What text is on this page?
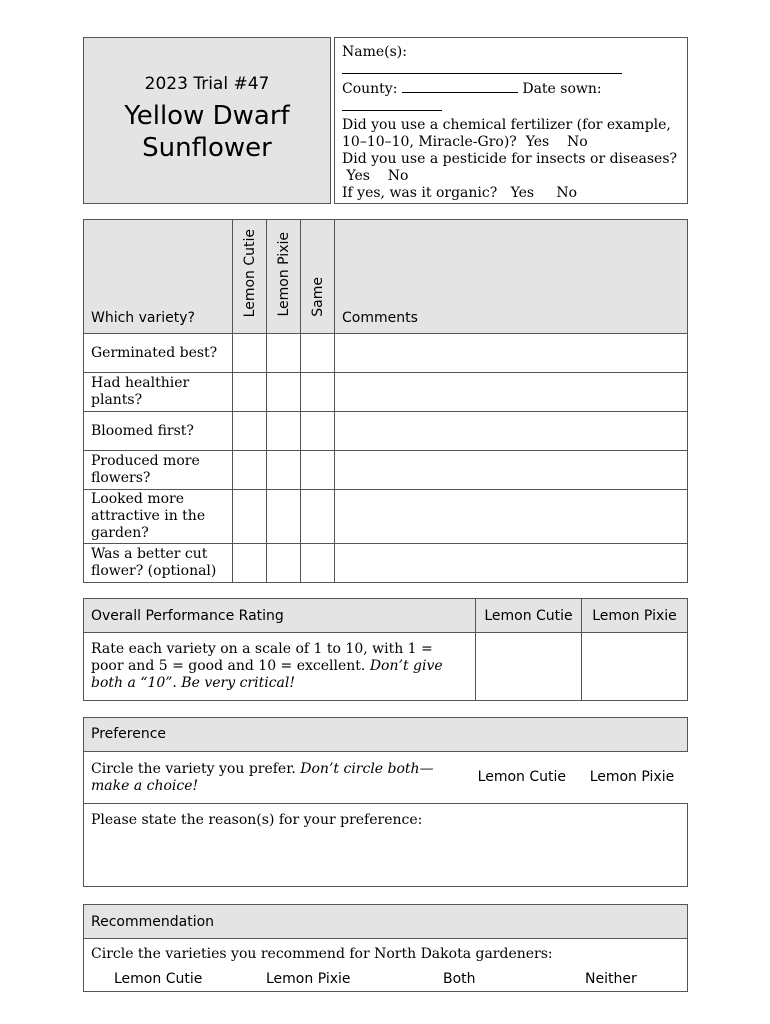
2023 Trial #47
Yellow Dwarf
Sunflower
Name(s):
County:	Date sown:
Did you use a chemical fertilizer (for example, 10–10–10, Miracle-Gro)? Yes No
Did you use a pesticide for insects or diseases?  Yes No
If yes, was it organic? Yes No
Which variety?	Lemon Cutie	Lemon Pixie	Same	Comments
Germinated best?				
Had healthier plants?				
Bloomed first?				
Produced more flowers?				
Looked more attractive in the garden?				
Was a better cut flower? (optional)				
Overall Performance Rating	Lemon Cutie	Lemon Pixie
Rate each variety on a scale of 1 to 10, with 1 = poor and 5 = good and 10 = excellent. Don’t give both a “10”. Be very critical!		
Preference
Circle the variety you prefer. Don’t circle both—make a choice!	Lemon Cutie	Lemon Pixie
Please state the reason(s) for your preference:
Recommendation

Circle the varieties you recommend for North Dakota gardeners:
Lemon Cutie	Lemon Pixie	Both	Neither
